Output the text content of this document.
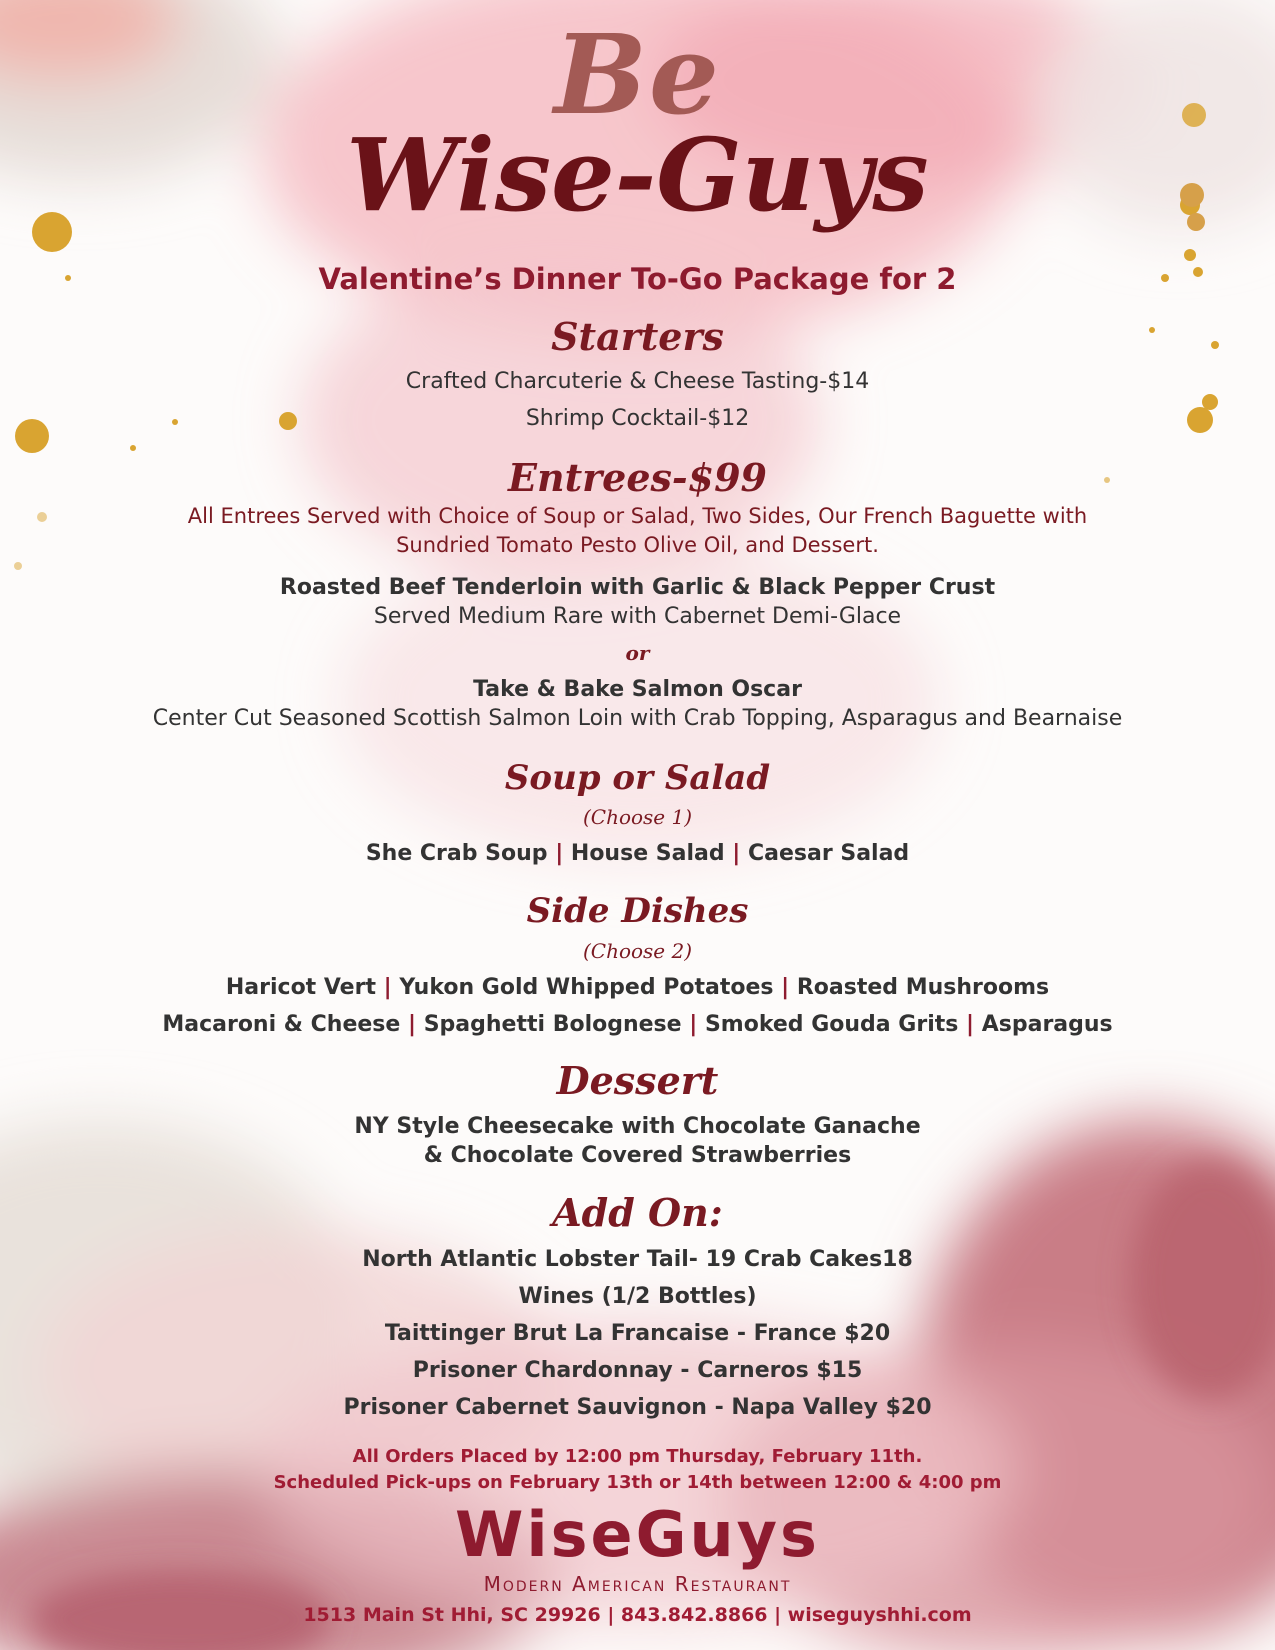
Be
Wise-Guys
Valentine’s Dinner To-Go Package for 2
Starters
Crafted Charcuterie & Cheese Tasting-$14
Shrimp Cocktail-$12
Entrees-$99
All Entrees Served with Choice of Soup or Salad, Two Sides, Our French Baguette with
Sundried Tomato Pesto Olive Oil, and Dessert.
Roasted Beef Tenderloin with Garlic & Black Pepper Crust
Served Medium Rare with Cabernet Demi-Glace
or
Take & Bake Salmon Oscar
Center Cut Seasoned Scottish Salmon Loin with Crab Topping, Asparagus and Bearnaise
Soup or Salad
(Choose 1)
She Crab Soup | House Salad | Caesar Salad
Side Dishes
(Choose 2)
Haricot Vert | Yukon Gold Whipped Potatoes | Roasted Mushrooms
Macaroni & Cheese | Spaghetti Bolognese | Smoked Gouda Grits | Asparagus
Dessert
NY Style Cheesecake with Chocolate Ganache
& Chocolate Covered Strawberries
Add On:
North Atlantic Lobster Tail- 19 Crab Cakes18
Wines (1/2 Bottles)
Taittinger Brut La Francaise - France $20
Prisoner Chardonnay - Carneros $15
Prisoner Cabernet Sauvignon - Napa Valley $20
All Orders Placed by 12:00 pm Thursday, February 11th.
Scheduled Pick-ups on February 13th or 14th between 12:00 & 4:00 pm
WiseGuys
Modern American Restaurant
1513 Main St Hhi, SC 29926 | 843.842.8866 | wiseguyshhi.com
